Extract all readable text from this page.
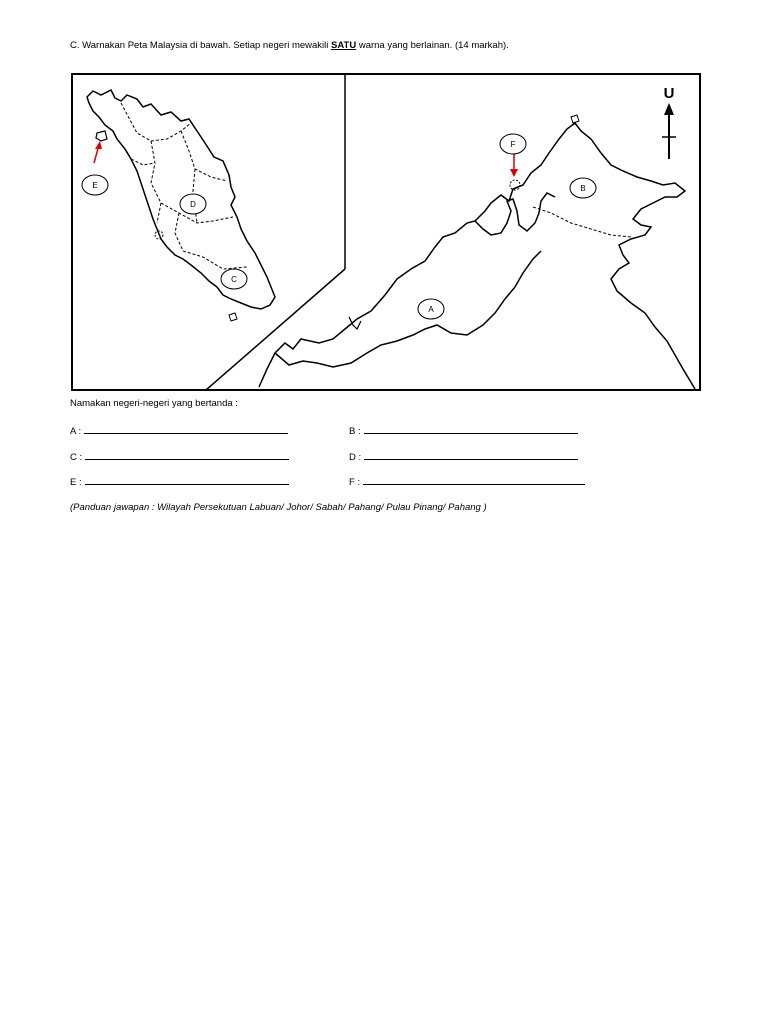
C. Warnakan Peta Malaysia di bawah. Setiap negeri mewakili SATU warna yang berlainan. (14 markah).
U
E
D
C
F
B
A
Namakan negeri-negeri yang bertanda :
A :	B :
C :	D :
E :	F :
(Panduan jawapan : Wilayah Persekutuan Labuan/ Johor/ Sabah/ Pahang/ Pulau Pinang/ Pahang )
